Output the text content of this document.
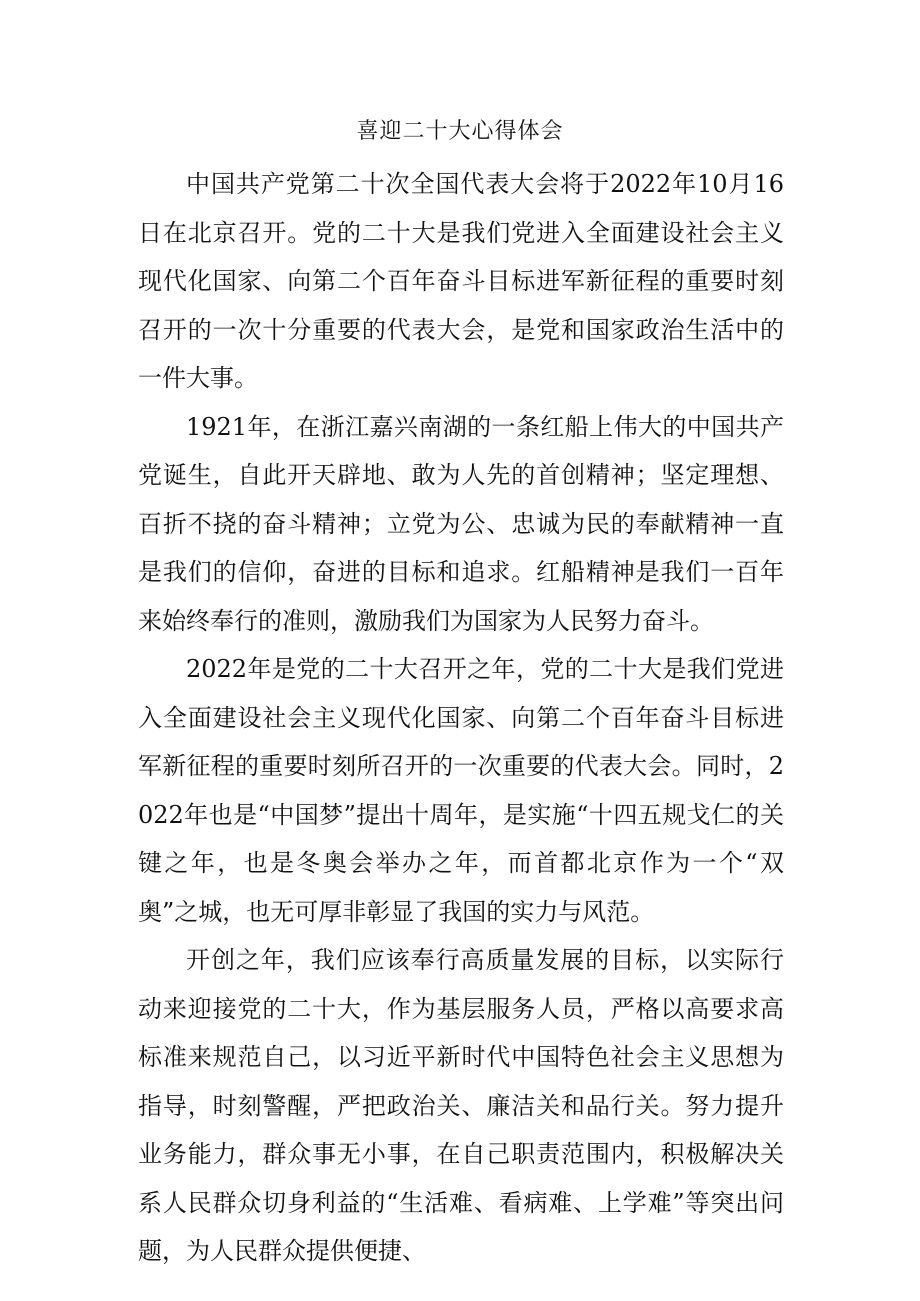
喜迎二十大心得体会

中国共产党第二十次全国代表大会将于2022年10月16日在北京召开。党的二十大是我们党进入全面建设社会主义现代化国家、向第二个百年奋斗目标进军新征程的重要时刻召开的一次十分重要的代表大会，是党和国家政治生活中的一件大事。

1921年，在浙江嘉兴南湖的一条红船上伟大的中国共产党诞生，自此开天辟地、敢为人先的首创精神；坚定理想、百折不挠的奋斗精神；立党为公、忠诚为民的奉献精神一直是我们的信仰，奋进的目标和追求。红船精神是我们一百年来始终奉行的准则，激励我们为国家为人民努力奋斗。

2022年是党的二十大召开之年，党的二十大是我们党进入全面建设社会主义现代化国家、向第二个百年奋斗目标进军新征程的重要时刻所召开的一次重要的代表大会。同时，2022年也是“中国梦”提出十周年，是实施“十四五规戈仁的关键之年，也是冬奥会举办之年，而首都北京作为一个“双奥”之城，也无可厚非彰显了我国的实力与风范。

开创之年，我们应该奉行高质量发展的目标，以实际行动来迎接党的二十大，作为基层服务人员，严格以高要求高标准来规范自己，以习近平新时代中国特色社会主义思想为指导，时刻警醒，严把政治关、廉洁关和品行关。努力提升业务能力，群众事无小事，在自己职责范围内，积极解决关系人民群众切身利益的“生活难、看病难、上学难”等突出问题，为人民群众提供便捷、
